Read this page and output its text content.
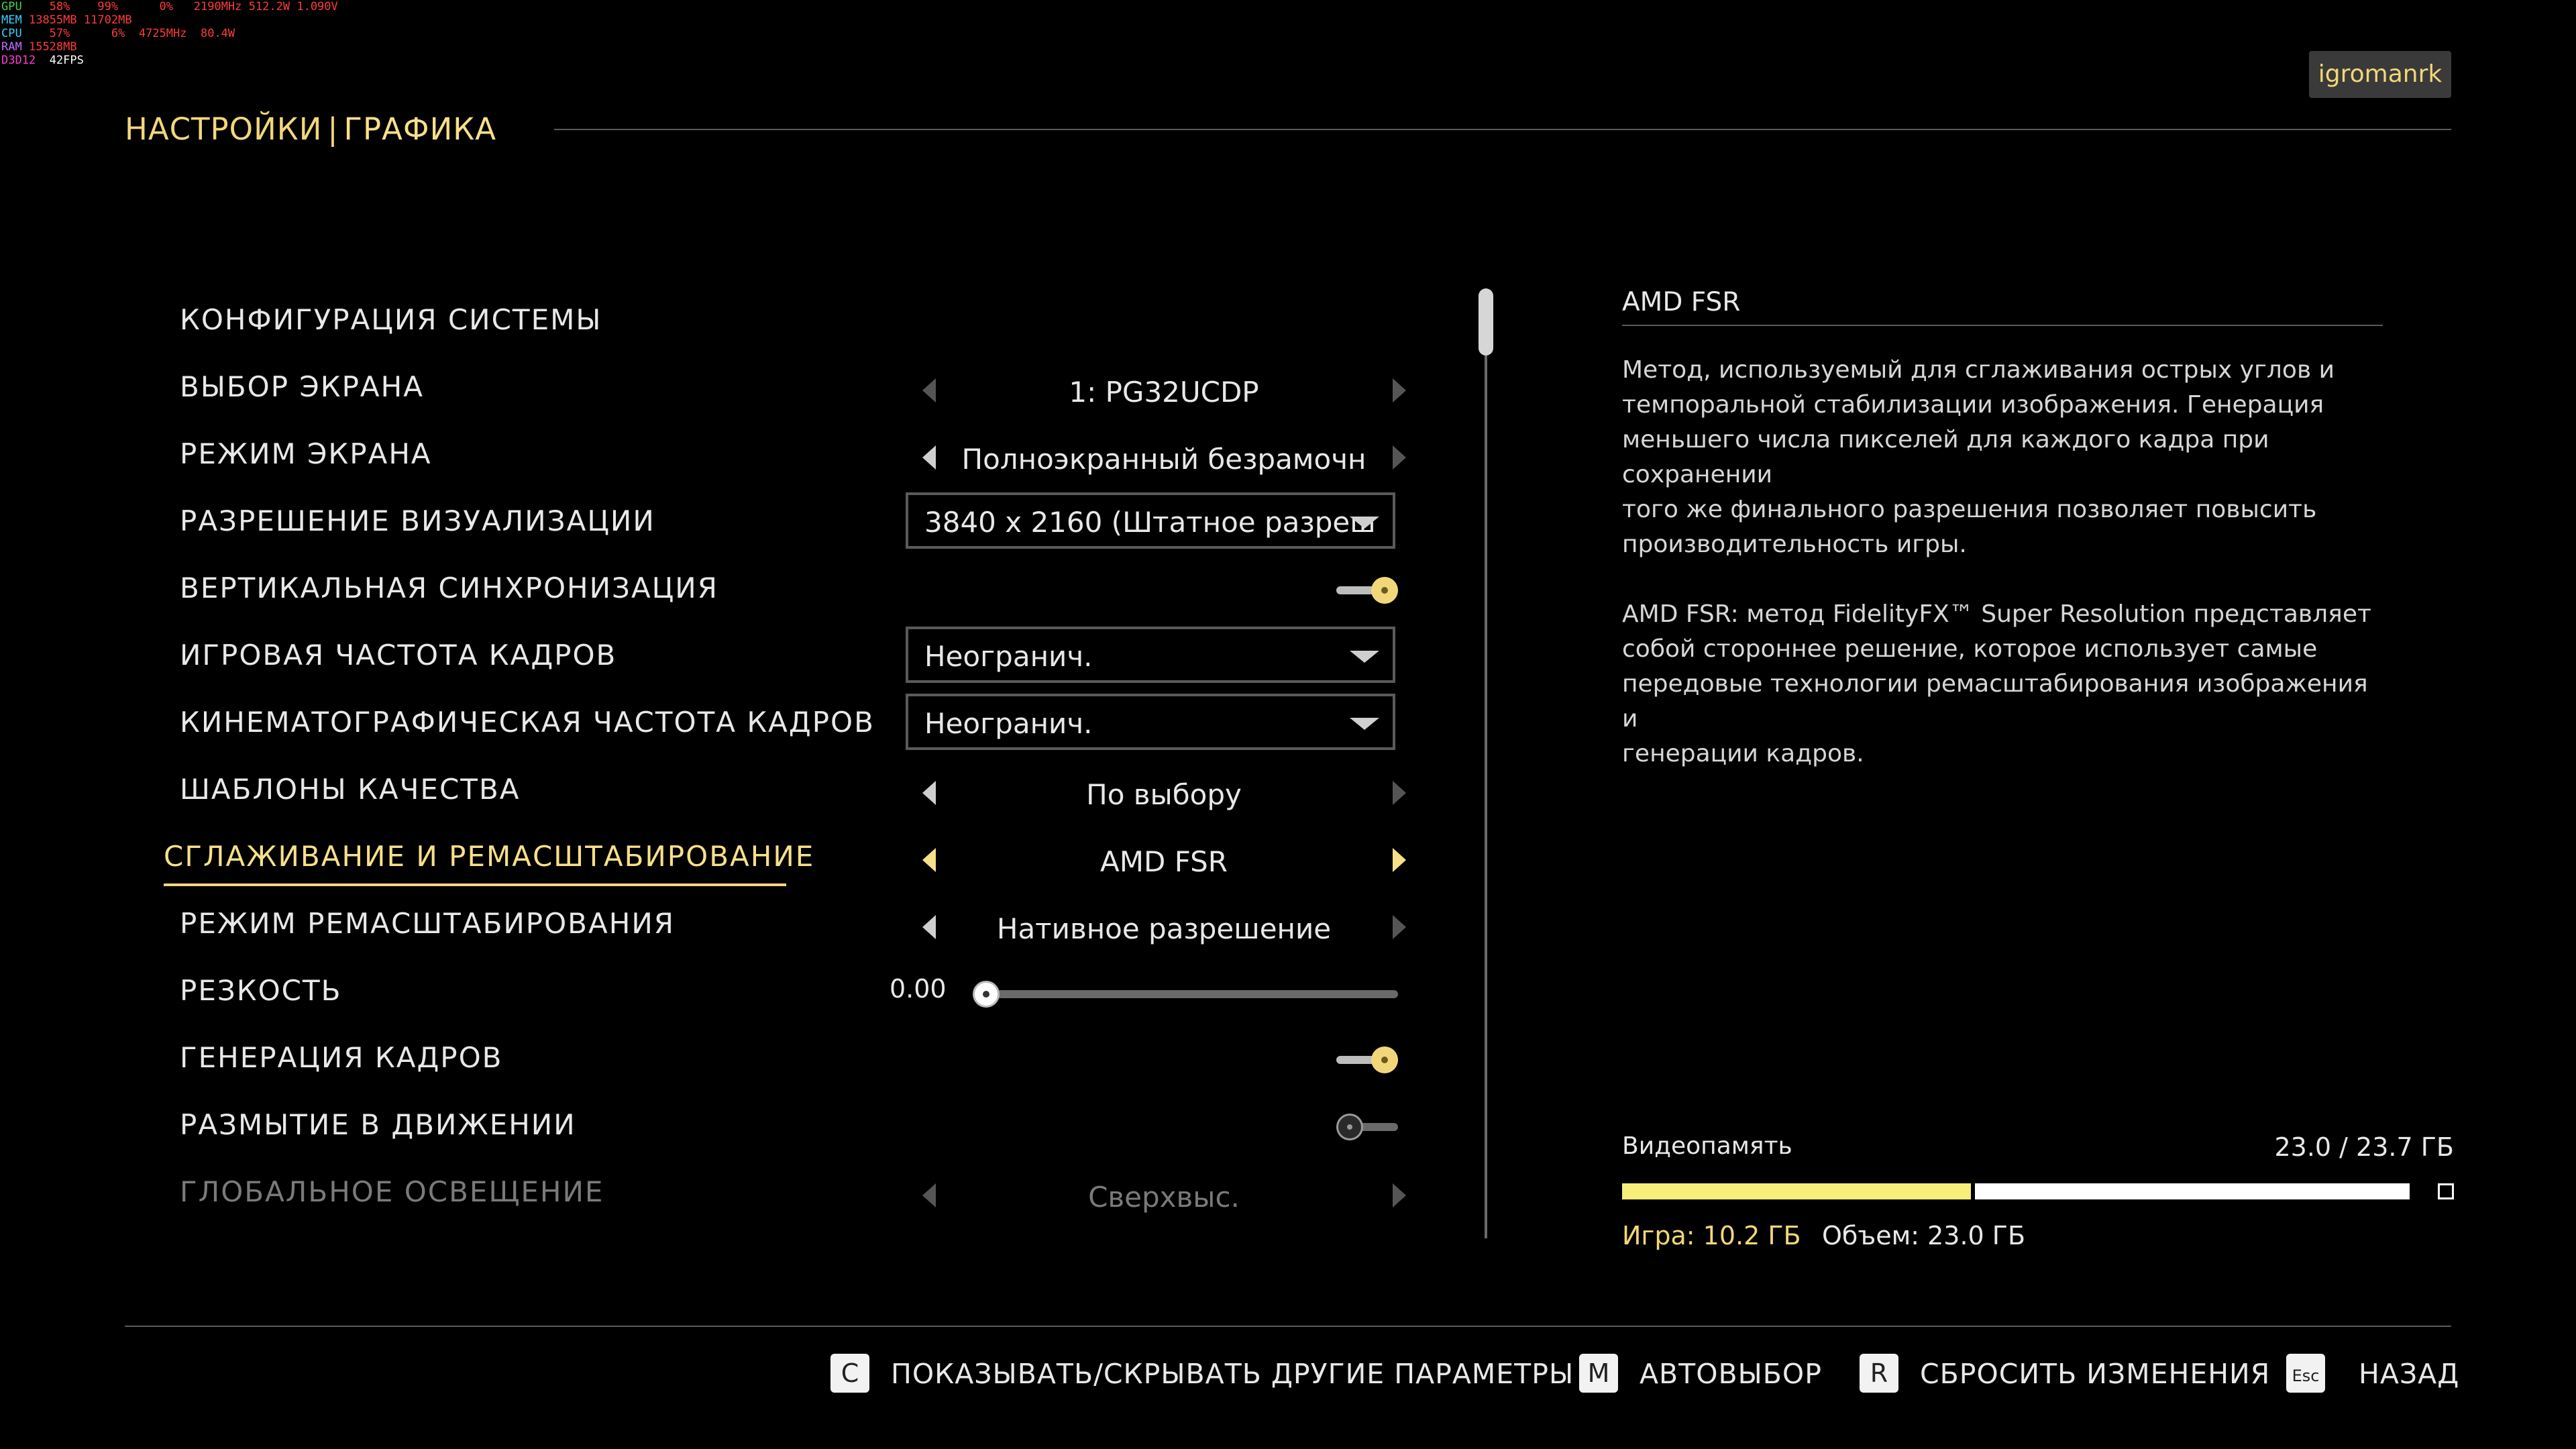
GPU 58% 99%	0% 2190MHz 512.2W 1.090V
MEM 13855MB 11702MB
CPU 57%	6% 4725MHz 80.4W
RAM 15528MB
D3D12 42FPS	igromanrk
НАСТРОЙКИ | ГРАФИКА
КОНФИГУРАЦИЯ СИСТЕМЫ
ВЫБОР ЭКРАНА	1: PG32UCDP
РЕЖИМ ЭКРАНА	Полноэкранный безрамочн
РАЗРЕШЕНИЕ ВИЗУАЛИЗАЦИИ	3840 x 2160 (Штатное разреш
ВЕРТИКАЛЬНАЯ СИНХРОНИЗАЦИЯ
ИГРОВАЯ ЧАСТОТА КАДРОВ	Неогранич.
КИНЕМАТОГРАФИЧЕСКАЯ ЧАСТОТА КАДРОВ Неогранич.
ШАБЛОНЫ КАЧЕСТВА	По выбору
СГЛАЖИВАНИЕ И РЕМАСШТАБИРОВАНИЕ	AMD FSR
РЕЖИМ РЕМАСШТАБИРОВАНИЯ	Нативное разрешение
РЕЗКОСТЬ	0.00
ГЕНЕРАЦИЯ КАДРОВ
РАЗМЫТИЕ В ДВИЖЕНИИ
ГЛОБАЛЬНОЕ ОСВЕЩЕНИЕ	Сверхвыс.
AMD FSR
Метод, используемый для сглаживания острых углов и
темпоральной стабилизации изображения. Генерация
меньшего числа пикселей для каждого кадра при сохранении
того же финального разрешения позволяет повысить
производительность игры.

AMD FSR: метод FidelityFX™ Super Resolution представляет
собой стороннее решение, которое использует самые
передовые технологии ремасштабирования изображения и
генерации кадров.
Видеопамять	23.0 / 23.7 ГБ
Игра: 10.2 ГБ Объем: 23.0 ГБ
C	ПОКАЗЫВАТЬ/СКРЫВАТЬ ДРУГИЕ ПАРАМЕТРЫ M	АВТОВЫБОР	R	СБРОСИТЬ ИЗМЕНЕНИЯ	Esc НАЗАД
